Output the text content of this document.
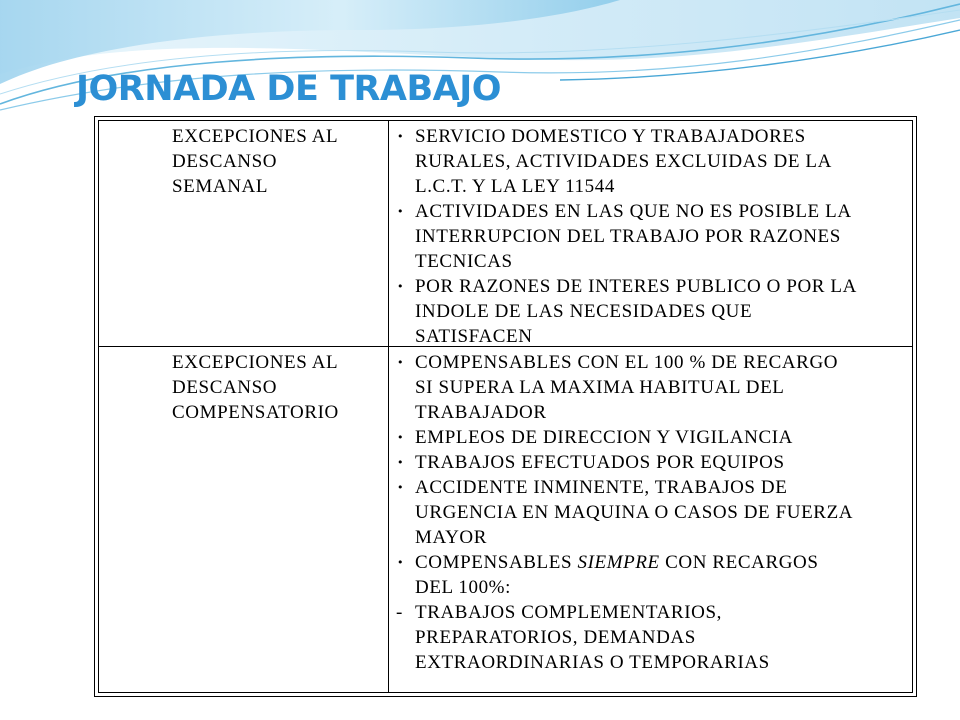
JORNADA DE TRABAJO
EXCEPCIONES AL
DESCANSO
SEMANAL
• SERVICIO DOMESTICO Y TRABAJADORES
RURALES, ACTIVIDADES EXCLUIDAS DE LA
L.C.T. Y LA LEY 11544
• ACTIVIDADES EN LAS QUE NO ES POSIBLE LA
INTERRUPCION DEL TRABAJO POR RAZONES
TECNICAS
• POR RAZONES DE INTERES PUBLICO O POR LA
INDOLE DE LAS NECESIDADES QUE
SATISFACEN
EXCEPCIONES AL
DESCANSO
COMPENSATORIO
• COMPENSABLES CON EL 100 % DE RECARGO
SI SUPERA LA MAXIMA HABITUAL DEL
TRABAJADOR
• EMPLEOS DE DIRECCION Y VIGILANCIA
• TRABAJOS EFECTUADOS POR EQUIPOS
• ACCIDENTE INMINENTE, TRABAJOS DE
URGENCIA EN MAQUINA O CASOS DE FUERZA
MAYOR
• COMPENSABLES SIEMPRE CON RECARGOS
DEL 100%:
- TRABAJOS COMPLEMENTARIOS,
PREPARATORIOS, DEMANDAS
EXTRAORDINARIAS O TEMPORARIAS
